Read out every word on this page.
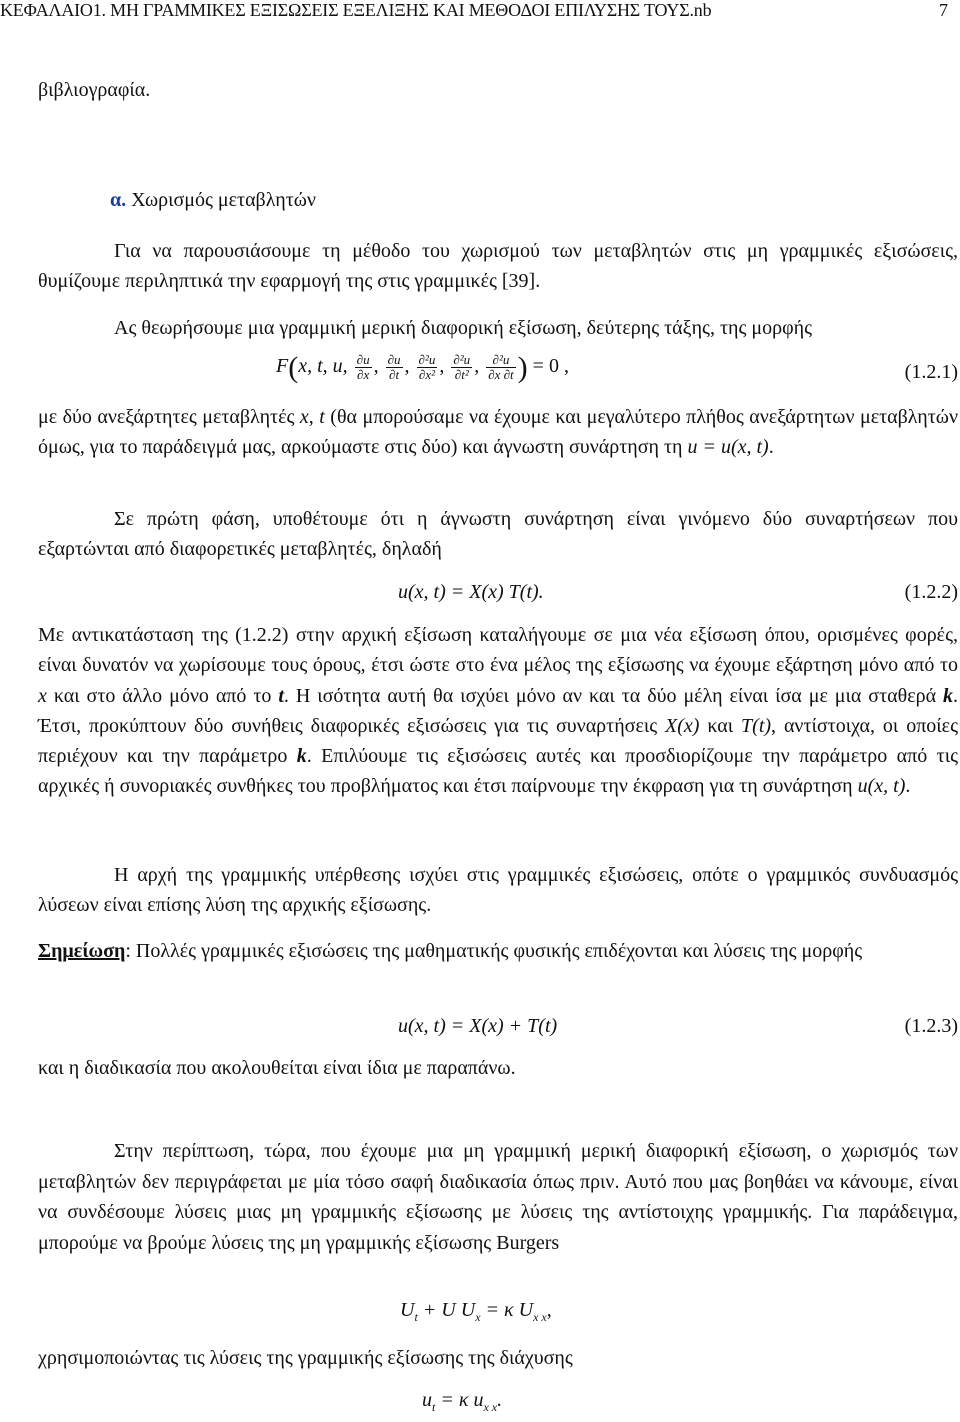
ΚΕΦΑΛΑΙΟ1. ΜΗ ΓΡΑΜΜΙΚΕΣ ΕΞΙΣΩΣΕΙΣ ΕΞΕΛΙΞΗΣ ΚΑΙ ΜΕΘΟΔΟΙ ΕΠΙΛΥΣΗΣ ΤΟΥΣ.nb	7
βιβλιογραφία.
α. Χωρισμός μεταβλητών
Για να παρουσιάσουμε τη μέθοδο του χωρισμού των μεταβλητών στις μη γραμμικές εξισώσεις, θυμίζουμε περιληπτικά την εφαρμογή της στις γραμμικές [39].
Ας θεωρήσουμε μια γραμμική μερική διαφορική εξίσωση, δεύτερης τάξης, της μορφής
F(x, t, u, $\frac{\partial u}{\partial x}$ , $\frac{\partial u}{\partial t}$ , $\frac{\text{∂²u}}{\text{∂x²}}$ , $\frac{\text{∂²u}}{\text{∂t²}}$ , $\frac{\text{∂²u}}{\partial x \partial t}$ ) = 0 ,	(1.2.1)
με δύο ανεξάρτητες μεταβλητές x, t (θα μπορούσαμε να έχουμε και μεγαλύτερο πλήθος ανεξάρτητων μεταβλητών όμως, για το παράδειγμά μας, αρκούμαστε στις δύο) και άγνωστη συνάρτηση τη u = u(x, t).
Σε πρώτη φάση, υποθέτουμε ότι η άγνωστη συνάρτηση είναι γινόμενο δύο συναρτήσεων που εξαρτώνται από διαφορετικές μεταβλητές, δηλαδή
u(x, t) = X(x) T(t).	(1.2.2)
Με αντικατάσταση της (1.2.2) στην αρχική εξίσωση καταλήγουμε σε μια νέα εξίσωση όπου, ορισμένες φορές, είναι δυνατόν να χωρίσουμε τους όρους, έτσι ώστε στο ένα μέλος της εξίσωσης να έχουμε εξάρτηση μόνο από το x και στο άλλο μόνο από το t. Η ισότητα αυτή θα ισχύει μόνο αν και τα δύο μέλη είναι ίσα με μια σταθερά k. Έτσι, προκύπτουν δύο συνήθεις διαφορικές εξισώσεις για τις συναρτήσεις X(x) και T(t), αντίστοιχα, οι οποίες περιέχουν και την παράμετρο k. Επιλύουμε τις εξισώσεις αυτές και προσδιορίζουμε την παράμετρο από τις αρχικές ή συνοριακές συνθήκες του προβλήματος και έτσι παίρνουμε την έκφραση για τη συνάρτηση u(x, t).
Η αρχή της γραμμικής υπέρθεσης ισχύει στις γραμμικές εξισώσεις, οπότε ο γραμμικός συνδυασμός λύσεων είναι επίσης λύση της αρχικής εξίσωσης.
Σημείωση: Πολλές γραμμικές εξισώσεις της μαθηματικής φυσικής επιδέχονται και λύσεις της μορφής
u(x, t) = X(x) + T(t)	(1.2.3)
και η διαδικασία που ακολουθείται είναι ίδια με παραπάνω.
Στην περίπτωση, τώρα, που έχουμε μια μη γραμμική μερική διαφορική εξίσωση, ο χωρισμός των μεταβλητών δεν περιγράφεται με μία τόσο σαφή διαδικασία όπως πριν. Αυτό που μας βοηθάει να κάνουμε, είναι να συνδέσουμε λύσεις μιας μη γραμμικής εξίσωσης με λύσεις της αντίστοιχης γραμμικής. Για παράδειγμα, μπορούμε να βρούμε λύσεις της μη γραμμικής εξίσωσης Burgers
$U_t + U$ $U_x = \kappa$ $U_{x x}$,
χρησιμοποιώντας τις λύσεις της γραμμικής εξίσωσης της διάχυσης
$u_t = \kappa$ $u_{x x}$.
